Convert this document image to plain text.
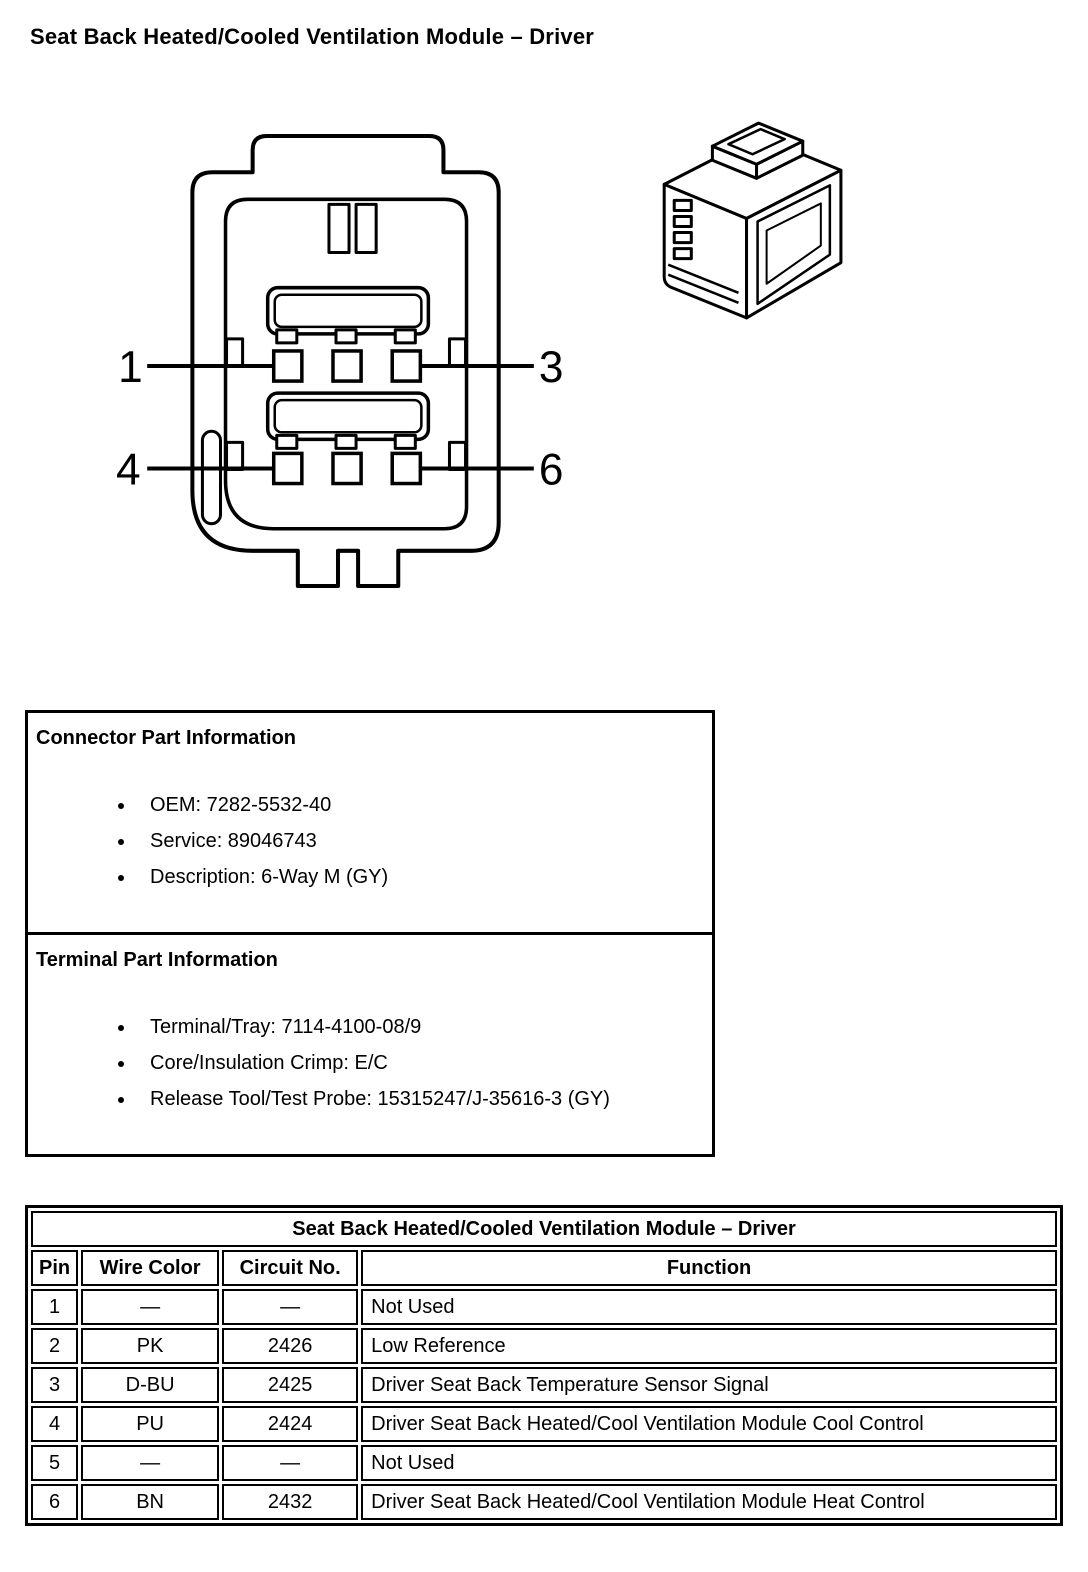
Seat Back Heated/Cooled Ventilation Module – Driver
1	3
4	6
Connector Part Information
• OEM: 7282-5532-40
• Service: 89046743
• Description: 6-Way M (GY)
Terminal Part Information
• Terminal/Tray: 7114-4100-08/9
• Core/Insulation Crimp: E/C
• Release Tool/Test Probe: 15315247/J-35616-3 (GY)
Seat Back Heated/Cooled Ventilation Module – Driver			
Pin	Wire Color	Circuit No.	Function
1	—	—	Not Used
2	PK	2426	Low Reference
3	D-BU	2425	Driver Seat Back Temperature Sensor Signal
4	PU	2424	Driver Seat Back Heated/Cool Ventilation Module Cool Control
5	—	—	Not Used
6	BN	2432	Driver Seat Back Heated/Cool Ventilation Module Heat Control
